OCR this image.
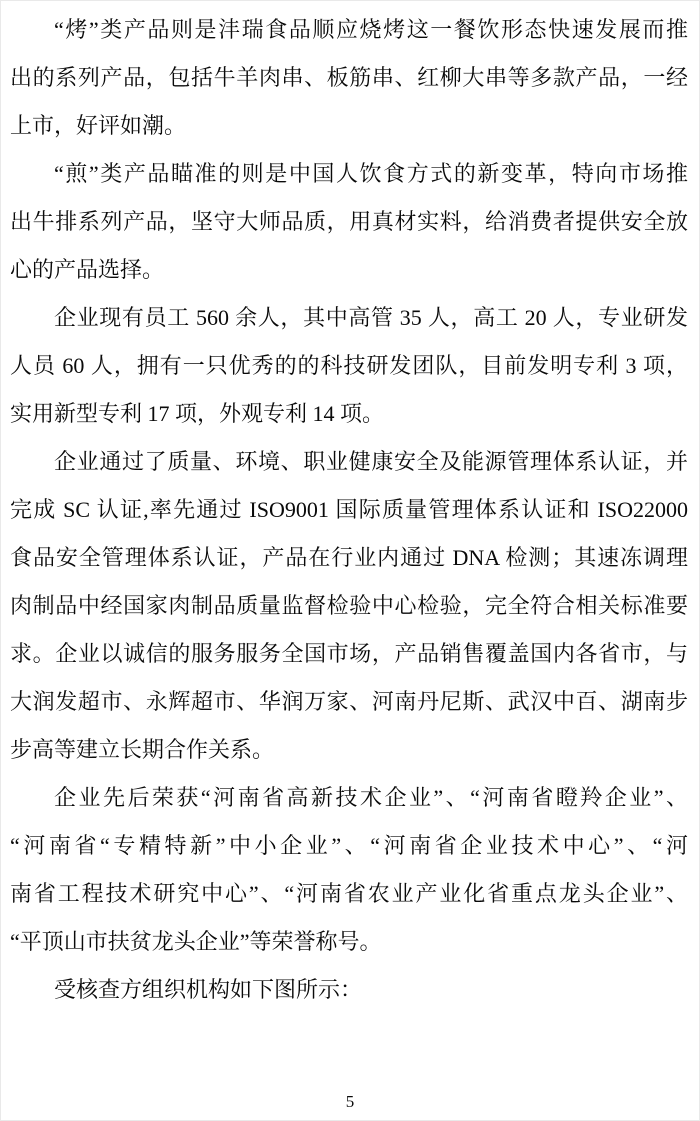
“烤”类产品则是沣瑞食品顺应烧烤这一餐饮形态快速发展而推
出的系列产品，包括牛羊肉串、板筋串、红柳大串等多款产品，一经
上市，好评如潮。
“煎”类产品瞄准的则是中国人饮食方式的新变革，特向市场推
出牛排系列产品，坚守大师品质，用真材实料，给消费者提供安全放
心的产品选择。
企业现有员工 560 余人，其中高管 35 人，高工 20 人，专业研发
人员 60 人，拥有一只优秀的的科技研发团队，目前发明专利 3 项，
实用新型专利 17 项，外观专利 14 项。
企业通过了质量、环境、职业健康安全及能源管理体系认证，并
完成 SC 认证,率先通过 ISO9001 国际质量管理体系认证和 ISO22000
食品安全管理体系认证，产品在行业内通过 DNA 检测；其速冻调理
肉制品中经国家肉制品质量监督检验中心检验，完全符合相关标准要
求。企业以诚信的服务服务全国市场，产品销售覆盖国内各省市，与
大润发超市、永辉超市、华润万家、河南丹尼斯、武汉中百、湖南步
步高等建立长期合作关系。
企业先后荣获“河南省高新技术企业”、“河南省瞪羚企业”、
“河南省“专精特新”中小企业”、“河南省企业技术中心”、“河
南省工程技术研究中心”、“河南省农业产业化省重点龙头企业”、
“平顶山市扶贫龙头企业”等荣誉称号。
受核查方组织机构如下图所示：
5
